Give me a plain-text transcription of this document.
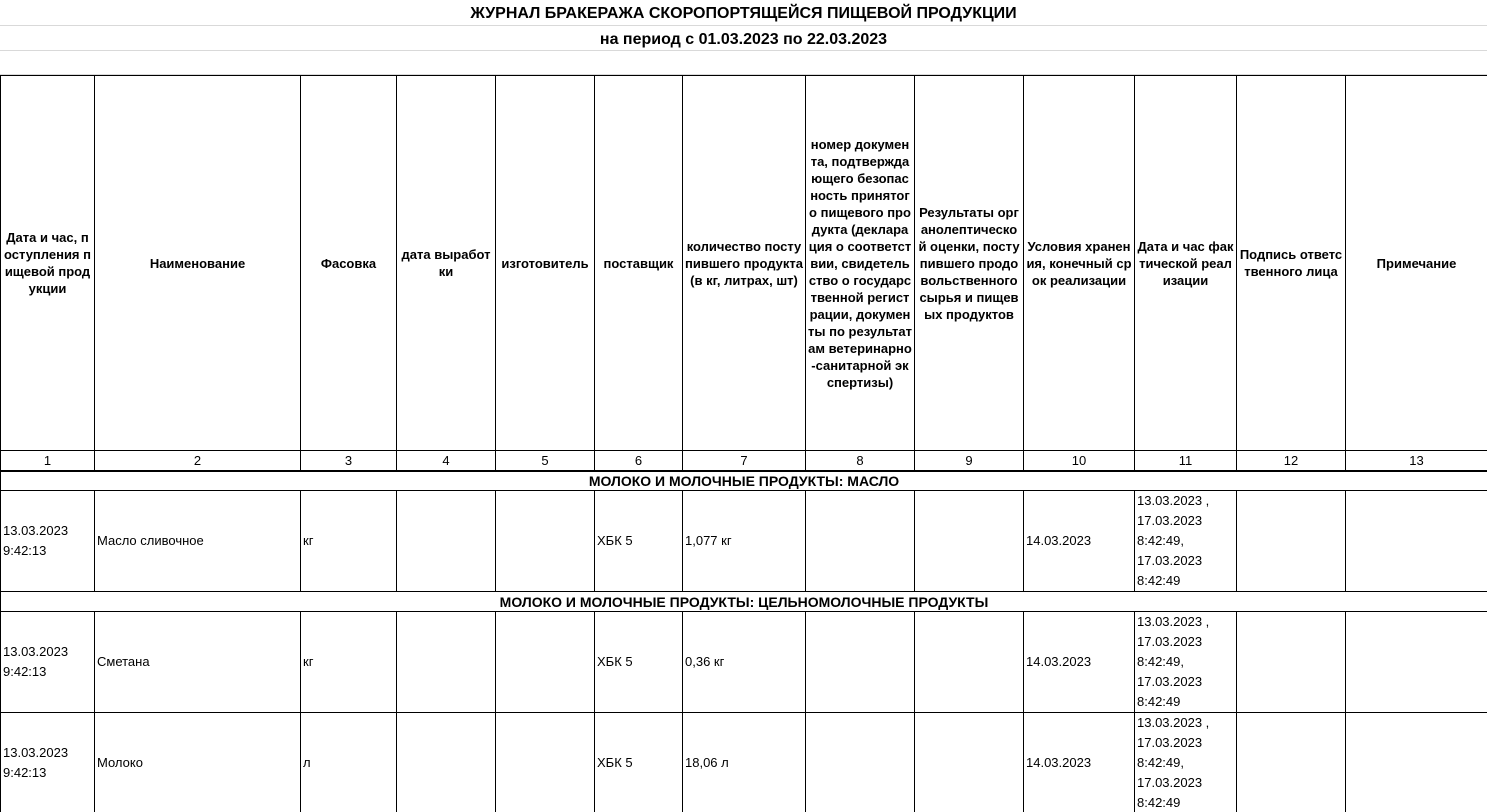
ЖУРНАЛ БРАКЕРАЖА СКОРОПОРТЯЩЕЙСЯ ПИЩЕВОЙ ПРОДУКЦИИ
на период с 01.03.2023 по 22.03.2023
Дата и час, поступления пищевой продукции	Наименование	Фасовка	дата выработки	изготовитель	поставщик	количество поступившего продукта (в кг, литрах, шт)	номер документа, подтверждающего безопасность принятого пищевого продукта (декларация о соответствии, свидетельство о государственной регистрации, документы по результатам ветеринарно-санитарной экспертизы)	Результаты органолептической оценки, поступившего продовольственного сырья и пищевых продуктов	Условия хранения, конечный срок реализации	Дата и час фактической реализации	Подпись ответственного лица	Примечание
1	2	3	4	5	6	7	8	9	10	11	12	13
МОЛОКО И МОЛОЧНЫЕ ПРОДУКТЫ: МАСЛО												

13.03.2023
9:42:13	Масло сливочное	кг			ХБК 5	1,077 кг			14.03.2023	13.03.2023 ,
17.03.2023
8:42:49,
17.03.2023
8:42:49		

МОЛОКО И МОЛОЧНЫЕ ПРОДУКТЫ: ЦЕЛЬНОМОЛОЧНЫЕ ПРОДУКТЫ												

13.03.2023
9:42:13	Сметана	кг			ХБК 5	0,36 кг			14.03.2023	13.03.2023 ,
17.03.2023
8:42:49,
17.03.2023
8:42:49		

13.03.2023
9:42:13	Молоко	л			ХБК 5	18,06 л			14.03.2023	13.03.2023 ,
17.03.2023
8:42:49,
17.03.2023
8:42:49		
